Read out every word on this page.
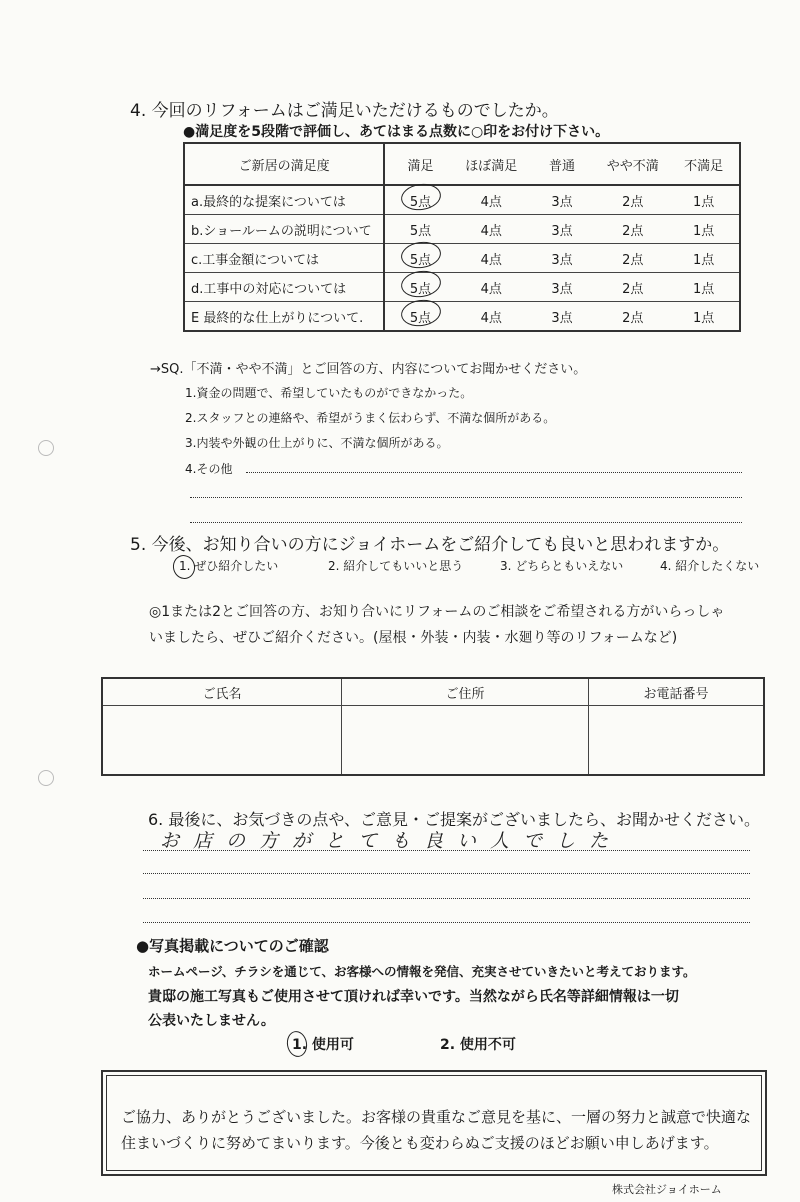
4. 今回のリフォームはご満足いただけるものでしたか。
●満足度を5段階で評価し、あてはまる点数に○印をお付け下さい。
ご新居の満足度	満足	ほぼ満足	普通	やや不満	不満足
a.最終的な提案については	5点	4点	3点	2点	1点
b.ショールームの説明について	5点	4点	3点	2点	1点
c.工事金額については	5点	4点	3点	2点	1点
d.工事中の対応については	5点	4点	3点	2点	1点
E 最終的な仕上がりについて.	5点	4点	3点	2点	1点
→SQ.「不満・やや不満」とご回答の方、内容についてお聞かせください。
1.資金の問題で、希望していたものができなかった。
2.スタッフとの連絡や、希望がうまく伝わらず、不満な個所がある。
3.内装や外観の仕上がりに、不満な個所がある。
4.その他
5. 今後、お知り合いの方にジョイホームをご紹介しても良いと思われますか。
1. ぜひ紹介したい	2. 紹介してもいいと思う	3. どちらともいえない	4. 紹介したくない
◎1または2とご回答の方、お知り合いにリフォームのご相談をご希望される方がいらっしゃ
いましたら、ぜひご紹介ください。(屋根・外装・内装・水廻り等のリフォームなど)
ご氏名	ご住所	お電話番号

6. 最後に、お気づきの点や、ご意見・ご提案がございましたら、お聞かせください。
お店の方がとても良い人でした
●写真掲載についてのご確認
ホームページ、チラシを通じて、お客様への情報を発信、充実させていきたいと考えております。
貴邸の施工写真もご使用させて頂ければ幸いです。当然ながら氏名等詳細情報は一切
公表いたしません。
1. 使用可	2. 使用不可
ご協力、ありがとうございました。お客様の貴重なご意見を基に、一層の努力と誠意で快適な
住まいづくりに努めてまいります。今後とも変わらぬご支援のほどお願い申しあげます。
株式会社ジョイホーム
